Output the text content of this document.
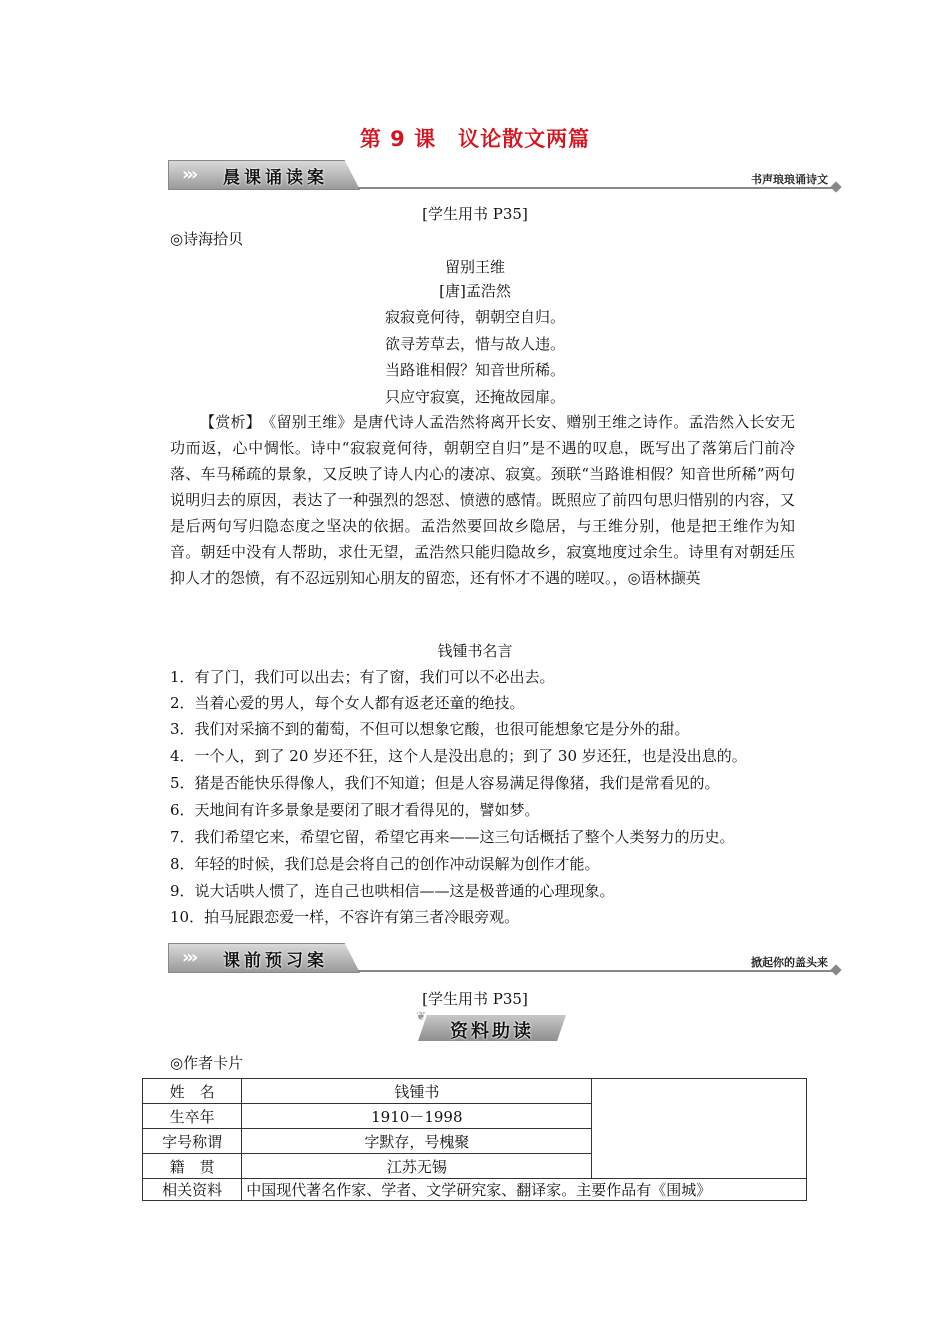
第 9 课 议论散文两篇
››› 晨课诵读案	书声琅琅诵诗文
[学生用书 P35]
◎诗海拾贝
留别王维
[唐]孟浩然
寂寂竟何待，朝朝空自归。
欲寻芳草去，惜与故人违。
当路谁相假？知音世所稀。
只应守寂寞，还掩故园扉。
【赏析】　《留别王维》是唐代诗人孟浩然将离开长安、赠别王维之诗作。孟浩然入长安无功而返，心中惆怅。诗中“寂寂竟何待，朝朝空自归”是不遇的叹息，既写出了落第后门前冷落、车马稀疏的景象，又反映了诗人内心的凄凉、寂寞。颈联“当路谁相假？知音世所稀”两句说明归去的原因，表达了一种强烈的怨怼、愤懑的感情。既照应了前四句思归惜别的内容，又是后两句写归隐态度之坚决的依据。孟浩然要回故乡隐居，与王维分别，他是把王维作为知音。朝廷中没有人帮助，求仕无望，孟浩然只能归隐故乡，寂寞地度过余生。诗里有对朝廷压抑人才的怨愤，有不忍远别知心朋友的留恋，还有怀才不遇的嗟叹。，◎语林撷英
钱锺书名言
1．有了门，我们可以出去；有了窗，我们可以不必出去。
2．当着心爱的男人，每个女人都有返老还童的绝技。
3．我们对采摘不到的葡萄，不但可以想象它酸，也很可能想象它是分外的甜。
4．一个人，到了 20 岁还不狂，这个人是没出息的；到了 30 岁还狂，也是没出息的。
5．猪是否能快乐得像人，我们不知道；但是人容易满足得像猪，我们是常看见的。
6．天地间有许多景象是要闭了眼才看得见的，譬如梦。
7．我们希望它来，希望它留，希望它再来——这三句话概括了整个人类努力的历史。
8．年轻的时候，我们总是会将自己的创作冲动误解为创作才能。
9．说大话哄人惯了，连自己也哄相信——这是极普通的心理现象。
10．拍马屁跟恋爱一样，不容许有第三者冷眼旁观。
››› 课前预习案	掀起你的盖头来
[学生用书 P35]
❦
资料助读
◎作者卡片
姓　名	钱锺书	
生卒年	1910－1998	
字号称谓	字默存，号槐聚	
籍　贯	江苏无锡	
相关资料	中国现代著名作家、学者、文学研究家、翻译家。主要作品有《围城》	
